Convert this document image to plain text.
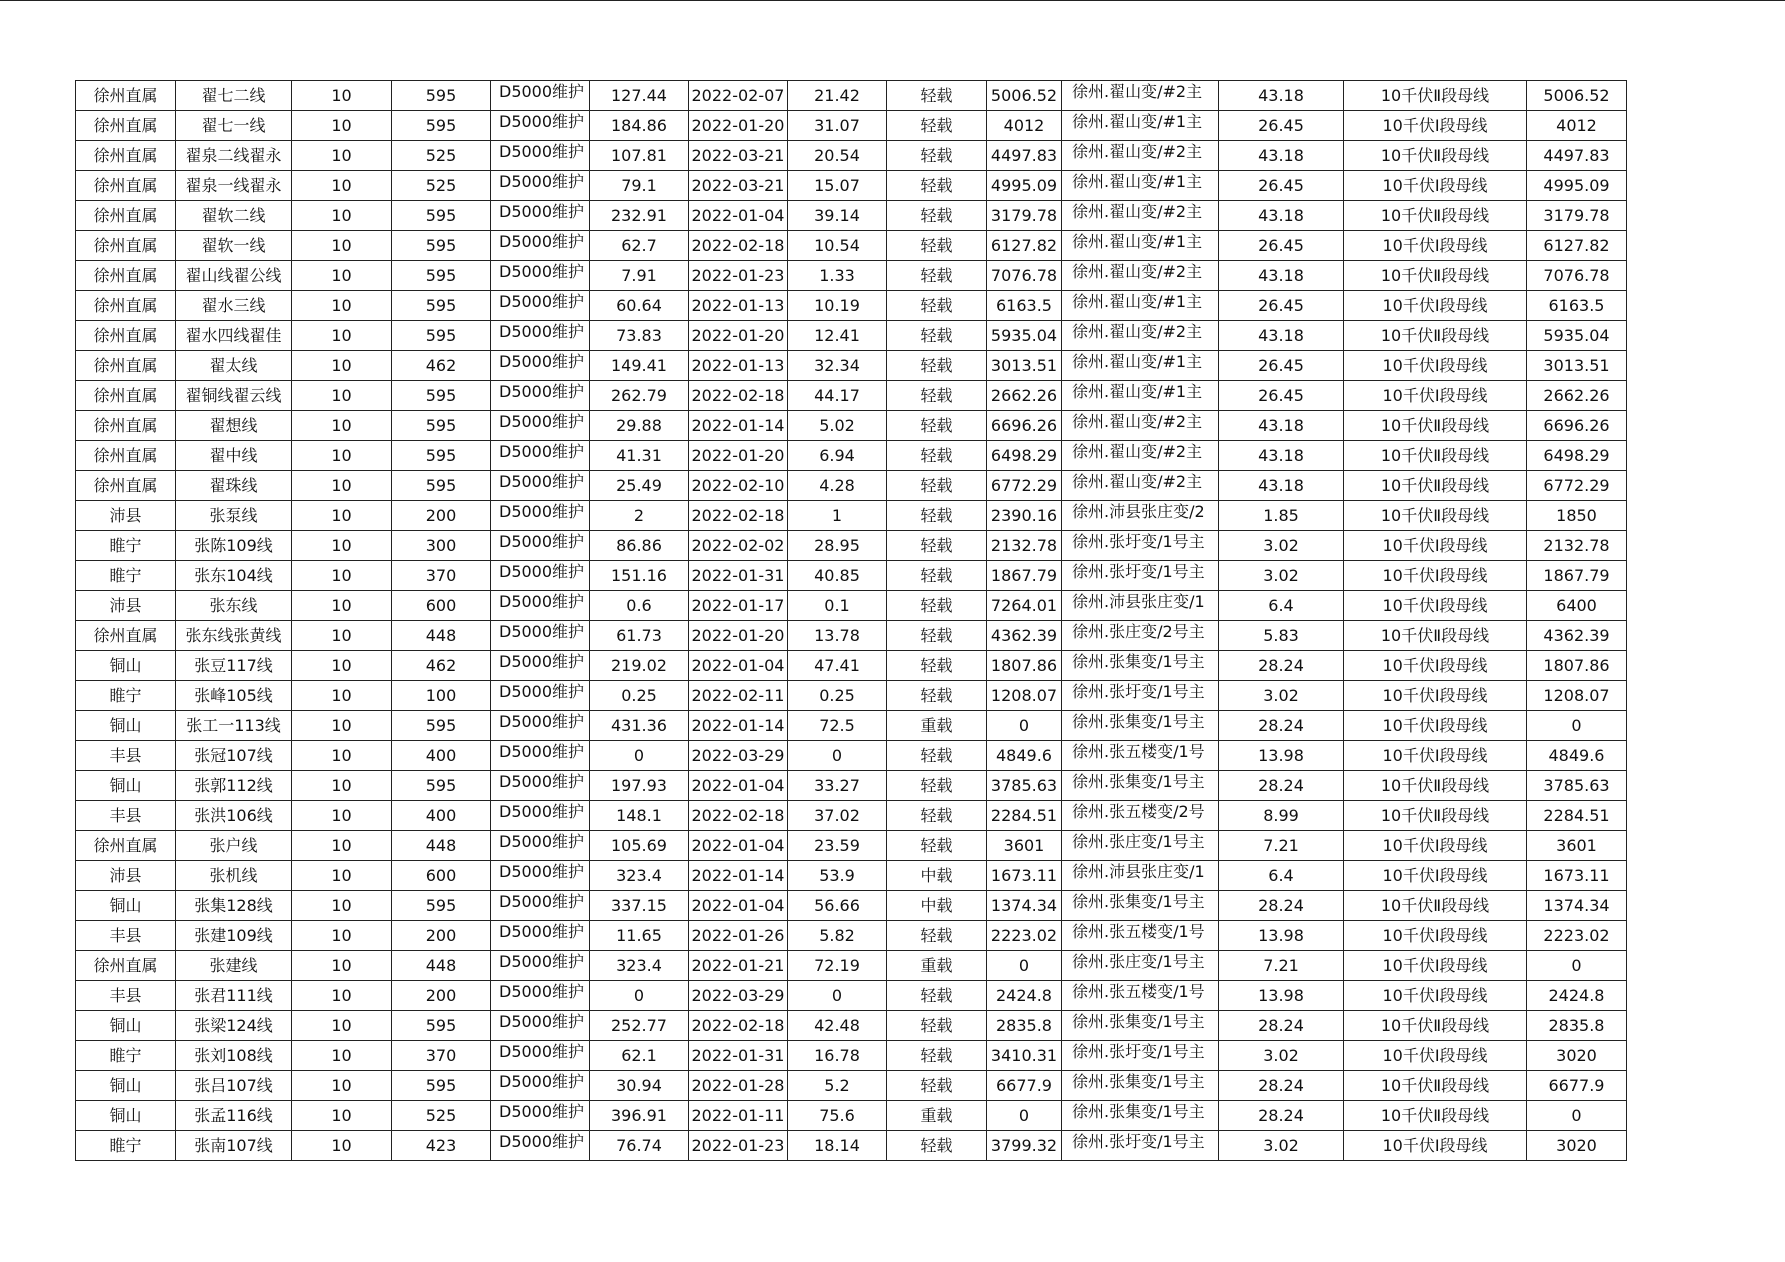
徐州直属	翟七二线	10	595	D5000维护	127.44	2022-02-07	21.42	轻载	5006.52	徐州.翟山变/#2主	43.18	10千伏Ⅱ段母线	5006.52
徐州直属	翟七一线	10	595	D5000维护	184.86	2022-01-20	31.07	轻载	4012	徐州.翟山变/#1主	26.45	10千伏Ⅰ段母线	4012
徐州直属	翟泉二线翟永	10	525	D5000维护	107.81	2022-03-21	20.54	轻载	4497.83	徐州.翟山变/#2主	43.18	10千伏Ⅱ段母线	4497.83
徐州直属	翟泉一线翟永	10	525	D5000维护	79.1	2022-03-21	15.07	轻载	4995.09	徐州.翟山变/#1主	26.45	10千伏Ⅰ段母线	4995.09
徐州直属	翟软二线	10	595	D5000维护	232.91	2022-01-04	39.14	轻载	3179.78	徐州.翟山变/#2主	43.18	10千伏Ⅱ段母线	3179.78
徐州直属	翟软一线	10	595	D5000维护	62.7	2022-02-18	10.54	轻载	6127.82	徐州.翟山变/#1主	26.45	10千伏Ⅰ段母线	6127.82
徐州直属	翟山线翟公线	10	595	D5000维护	7.91	2022-01-23	1.33	轻载	7076.78	徐州.翟山变/#2主	43.18	10千伏Ⅱ段母线	7076.78
徐州直属	翟水三线	10	595	D5000维护	60.64	2022-01-13	10.19	轻载	6163.5	徐州.翟山变/#1主	26.45	10千伏Ⅰ段母线	6163.5
徐州直属	翟水四线翟佳	10	595	D5000维护	73.83	2022-01-20	12.41	轻载	5935.04	徐州.翟山变/#2主	43.18	10千伏Ⅱ段母线	5935.04
徐州直属	翟太线	10	462	D5000维护	149.41	2022-01-13	32.34	轻载	3013.51	徐州.翟山变/#1主	26.45	10千伏Ⅰ段母线	3013.51
徐州直属	翟铜线翟云线	10	595	D5000维护	262.79	2022-02-18	44.17	轻载	2662.26	徐州.翟山变/#1主	26.45	10千伏Ⅰ段母线	2662.26
徐州直属	翟想线	10	595	D5000维护	29.88	2022-01-14	5.02	轻载	6696.26	徐州.翟山变/#2主	43.18	10千伏Ⅱ段母线	6696.26
徐州直属	翟中线	10	595	D5000维护	41.31	2022-01-20	6.94	轻载	6498.29	徐州.翟山变/#2主	43.18	10千伏Ⅱ段母线	6498.29
徐州直属	翟珠线	10	595	D5000维护	25.49	2022-02-10	4.28	轻载	6772.29	徐州.翟山变/#2主	43.18	10千伏Ⅱ段母线	6772.29
沛县	张泵线	10	200	D5000维护	2	2022-02-18	1	轻载	2390.16	徐州.沛县张庄变/2	1.85	10千伏Ⅱ段母线	1850
睢宁	张陈109线	10	300	D5000维护	86.86	2022-02-02	28.95	轻载	2132.78	徐州.张圩变/1号主	3.02	10千伏Ⅰ段母线	2132.78
睢宁	张东104线	10	370	D5000维护	151.16	2022-01-31	40.85	轻载	1867.79	徐州.张圩变/1号主	3.02	10千伏Ⅰ段母线	1867.79
沛县	张东线	10	600	D5000维护	0.6	2022-01-17	0.1	轻载	7264.01	徐州.沛县张庄变/1	6.4	10千伏Ⅰ段母线	6400
徐州直属	张东线张黄线	10	448	D5000维护	61.73	2022-01-20	13.78	轻载	4362.39	徐州.张庄变/2号主	5.83	10千伏Ⅱ段母线	4362.39
铜山	张豆117线	10	462	D5000维护	219.02	2022-01-04	47.41	轻载	1807.86	徐州.张集变/1号主	28.24	10千伏Ⅰ段母线	1807.86
睢宁	张峰105线	10	100	D5000维护	0.25	2022-02-11	0.25	轻载	1208.07	徐州.张圩变/1号主	3.02	10千伏Ⅰ段母线	1208.07
铜山	张工一113线	10	595	D5000维护	431.36	2022-01-14	72.5	重载	0	徐州.张集变/1号主	28.24	10千伏Ⅰ段母线	0
丰县	张冠107线	10	400	D5000维护	0	2022-03-29	0	轻载	4849.6	徐州.张五楼变/1号	13.98	10千伏Ⅰ段母线	4849.6
铜山	张郭112线	10	595	D5000维护	197.93	2022-01-04	33.27	轻载	3785.63	徐州.张集变/1号主	28.24	10千伏Ⅱ段母线	3785.63
丰县	张洪106线	10	400	D5000维护	148.1	2022-02-18	37.02	轻载	2284.51	徐州.张五楼变/2号	8.99	10千伏Ⅱ段母线	2284.51
徐州直属	张户线	10	448	D5000维护	105.69	2022-01-04	23.59	轻载	3601	徐州.张庄变/1号主	7.21	10千伏Ⅰ段母线	3601
沛县	张机线	10	600	D5000维护	323.4	2022-01-14	53.9	中载	1673.11	徐州.沛县张庄变/1	6.4	10千伏Ⅰ段母线	1673.11
铜山	张集128线	10	595	D5000维护	337.15	2022-01-04	56.66	中载	1374.34	徐州.张集变/1号主	28.24	10千伏Ⅱ段母线	1374.34
丰县	张建109线	10	200	D5000维护	11.65	2022-01-26	5.82	轻载	2223.02	徐州.张五楼变/1号	13.98	10千伏Ⅰ段母线	2223.02
徐州直属	张建线	10	448	D5000维护	323.4	2022-01-21	72.19	重载	0	徐州.张庄变/1号主	7.21	10千伏Ⅰ段母线	0
丰县	张君111线	10	200	D5000维护	0	2022-03-29	0	轻载	2424.8	徐州.张五楼变/1号	13.98	10千伏Ⅰ段母线	2424.8
铜山	张梁124线	10	595	D5000维护	252.77	2022-02-18	42.48	轻载	2835.8	徐州.张集变/1号主	28.24	10千伏Ⅱ段母线	2835.8
睢宁	张刘108线	10	370	D5000维护	62.1	2022-01-31	16.78	轻载	3410.31	徐州.张圩变/1号主	3.02	10千伏Ⅰ段母线	3020
铜山	张吕107线	10	595	D5000维护	30.94	2022-01-28	5.2	轻载	6677.9	徐州.张集变/1号主	28.24	10千伏Ⅱ段母线	6677.9
铜山	张孟116线	10	525	D5000维护	396.91	2022-01-11	75.6	重载	0	徐州.张集变/1号主	28.24	10千伏Ⅱ段母线	0
睢宁	张南107线	10	423	D5000维护	76.74	2022-01-23	18.14	轻载	3799.32	徐州.张圩变/1号主	3.02	10千伏Ⅰ段母线	3020
